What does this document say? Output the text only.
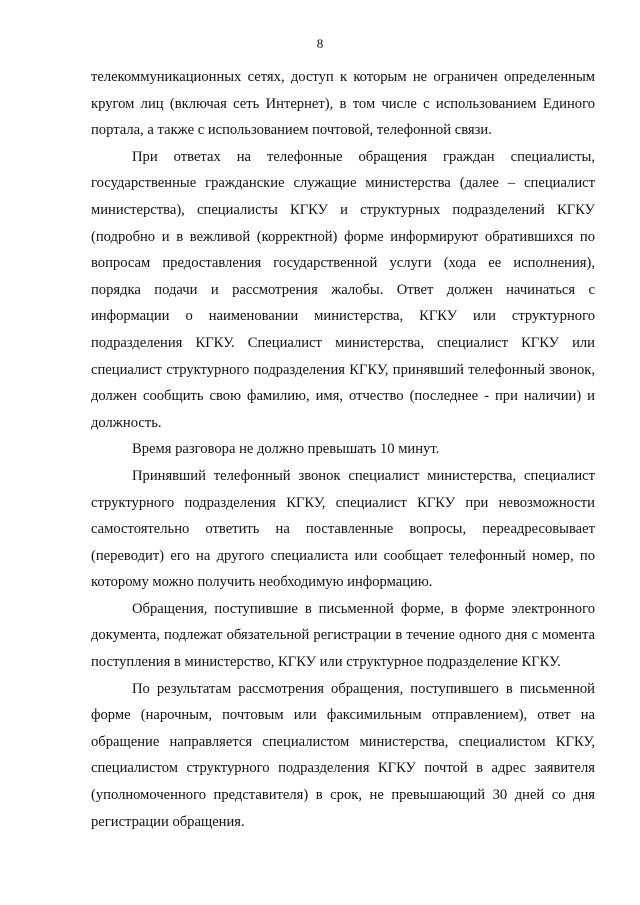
8

телекоммуникационных сетях, доступ к которым не ограничен определенным кругом лиц (включая сеть Интернет), в том числе с использованием Единого портала, а также с использованием почтовой, телефонной связи.

При ответах на телефонные обращения граждан специалисты, государственные гражданские служащие министерства (далее – специалист министерства), специалисты КГКУ и структурных подразделений КГКУ (подробно и в вежливой (корректной) форме информируют обратившихся по вопросам предоставления государственной услуги (хода ее исполнения), порядка подачи и рассмотрения жалобы. Ответ должен начинаться с информации о наименовании министерства, КГКУ или структурного подразделения КГКУ. Специалист министерства, специалист КГКУ или специалист структурного подразделения КГКУ, принявший телефонный звонок, должен сообщить свою фамилию, имя, отчество (последнее - при наличии) и должность.

Время разговора не должно превышать 10 минут.

Принявший телефонный звонок специалист министерства, специалист структурного подразделения КГКУ, специалист КГКУ при невозможности самостоятельно ответить на поставленные вопросы, переадресовывает (переводит) его на другого специалиста или сообщает телефонный номер, по которому можно получить необходимую информацию.

Обращения, поступившие в письменной форме, в форме электронного документа, подлежат обязательной регистрации в течение одного дня с момента поступления в министерство, КГКУ или структурное подразделение КГКУ.

По результатам рассмотрения обращения, поступившего в письменной форме (нарочным, почтовым или факсимильным отправлением), ответ на обращение направляется специалистом министерства, специалистом КГКУ, специалистом структурного подразделения КГКУ почтой в адрес заявителя (уполномоченного представителя) в срок, не превышающий 30 дней со дня регистрации обращения.
